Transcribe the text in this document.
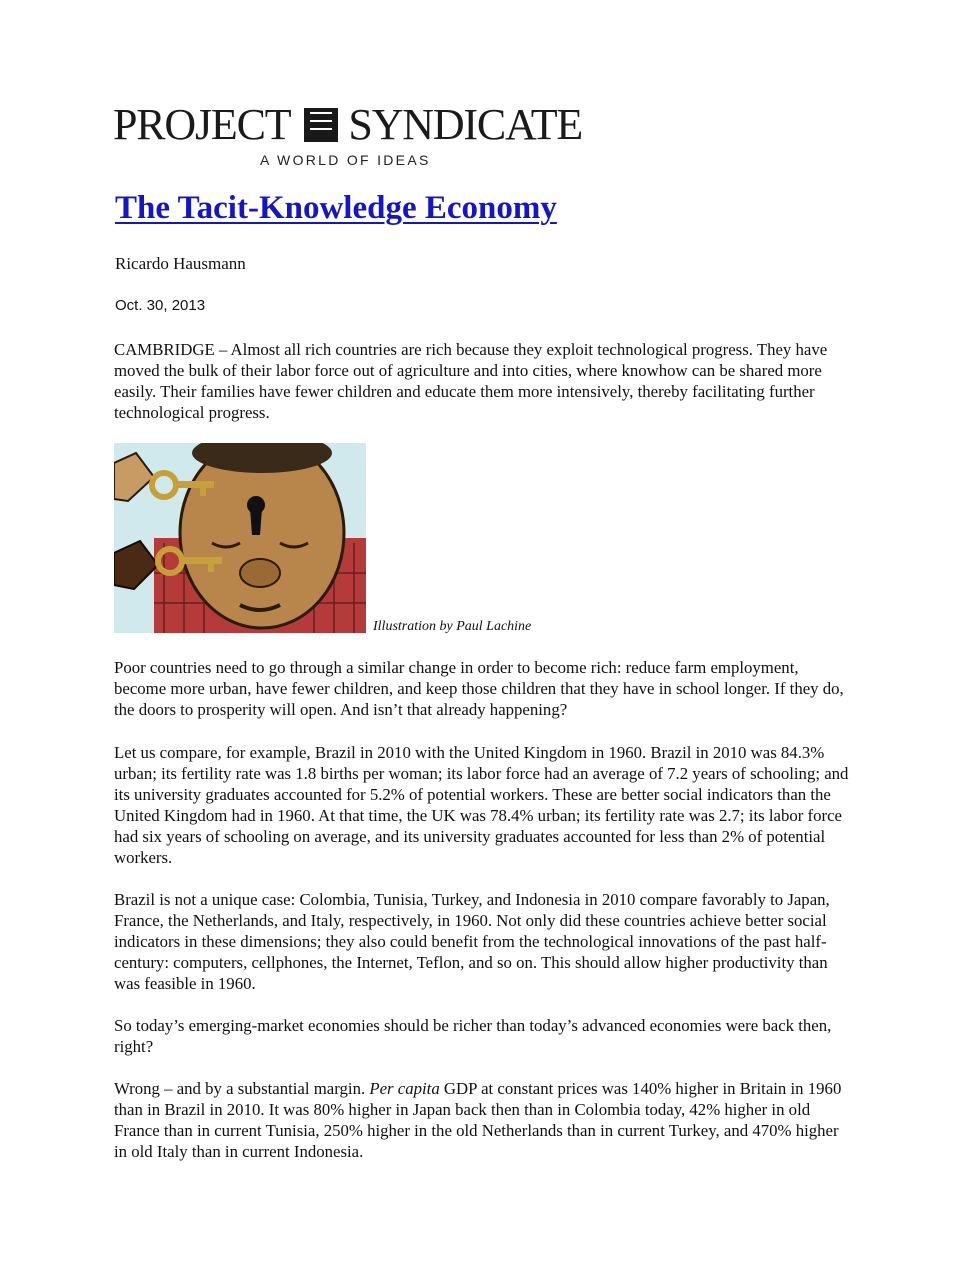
PROJECT SYNDICATE
A WORLD OF IDEAS
The Tacit-Knowledge Economy
Ricardo Hausmann
Oct. 30, 2013

CAMBRIDGE – Almost all rich countries are rich because they exploit technological progress. They have moved the bulk of their labor force out of agriculture and into cities, where knowhow can be shared more easily. Their families have fewer children and educate them more intensively, thereby facilitating further technological progress.

Illustration by Paul Lachine

Poor countries need to go through a similar change in order to become rich: reduce farm employment, become more urban, have fewer children, and keep those children that they have in school longer. If they do, the doors to prosperity will open. And isn’t that already happening?

Let us compare, for example, Brazil in 2010 with the United Kingdom in 1960. Brazil in 2010 was 84.3% urban; its fertility rate was 1.8 births per woman; its labor force had an average of 7.2 years of schooling; and its university graduates accounted for 5.2% of potential workers. These are better social indicators than the United Kingdom had in 1960. At that time, the UK was 78.4% urban; its fertility rate was 2.7; its labor force had six years of schooling on average, and its university graduates accounted for less than 2% of potential workers.

Brazil is not a unique case: Colombia, Tunisia, Turkey, and Indonesia in 2010 compare favorably to Japan, France, the Netherlands, and Italy, respectively, in 1960. Not only did these countries achieve better social indicators in these dimensions; they also could benefit from the technological innovations of the past half-century: computers, cellphones, the Internet, Teflon, and so on. This should allow higher productivity than was feasible in 1960.

So today’s emerging-market economies should be richer than today’s advanced economies were back then, right?

Wrong – and by a substantial margin. Per capita GDP at constant prices was 140% higher in Britain in 1960 than in Brazil in 2010. It was 80% higher in Japan back then than in Colombia today, 42% higher in old France than in current Tunisia, 250% higher in the old Netherlands than in current Turkey, and 470% higher in old Italy than in current Indonesia.
